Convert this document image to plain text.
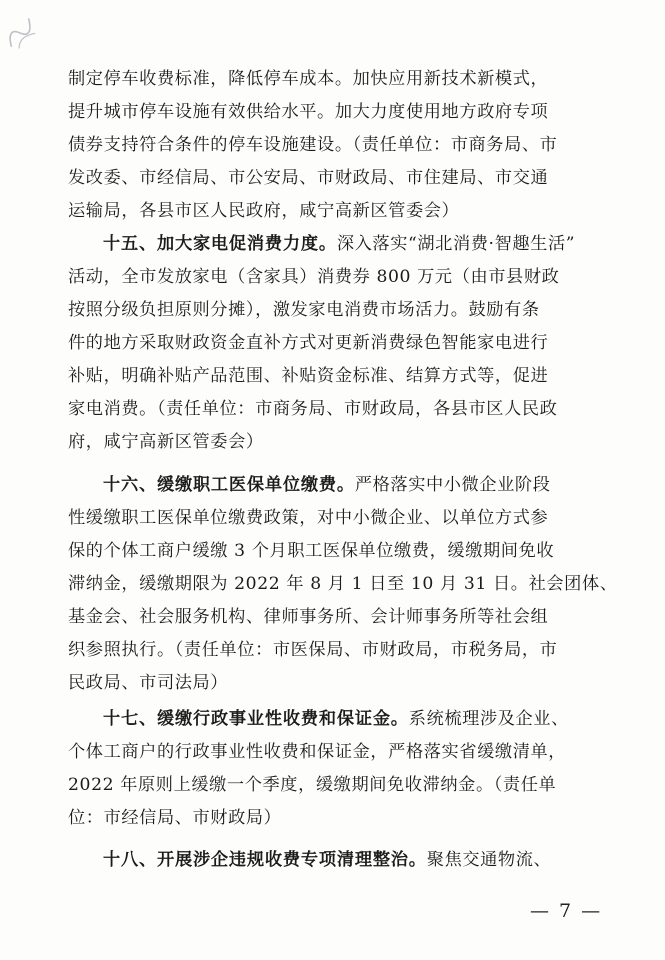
制定停车收费标准，降低停车成本。加快应用新技术新模式，
提升城市停车设施有效供给水平。加大力度使用地方政府专项
债券支持符合条件的停车设施建设。（责任单位：市商务局、市
发改委、市经信局、市公安局、市财政局、市住建局、市交通
运输局，各县市区人民政府，咸宁高新区管委会）
十五、加大家电促消费力度。深入落实“湖北消费·智趣生活”
活动，全市发放家电（含家具）消费券 800 万元（由市县财政
按照分级负担原则分摊），激发家电消费市场活力。鼓励有条
件的地方采取财政资金直补方式对更新消费绿色智能家电进行
补贴，明确补贴产品范围、补贴资金标准、结算方式等，促进
家电消费。（责任单位：市商务局、市财政局，各县市区人民政
府，咸宁高新区管委会）
十六、缓缴职工医保单位缴费。严格落实中小微企业阶段
性缓缴职工医保单位缴费政策，对中小微企业、以单位方式参
保的个体工商户缓缴 3 个月职工医保单位缴费，缓缴期间免收
滞纳金，缓缴期限为 2022 年 8 月 1 日至 10 月 31 日。社会团体、
基金会、社会服务机构、律师事务所、会计师事务所等社会组
织参照执行。（责任单位：市医保局、市财政局，市税务局，市
民政局、市司法局）
十七、缓缴行政事业性收费和保证金。系统梳理涉及企业、
个体工商户的行政事业性收费和保证金，严格落实省缓缴清单，
2022 年原则上缓缴一个季度，缓缴期间免收滞纳金。（责任单
位：市经信局、市财政局）
十八、开展涉企违规收费专项清理整治。聚焦交通物流、
— 7 —
